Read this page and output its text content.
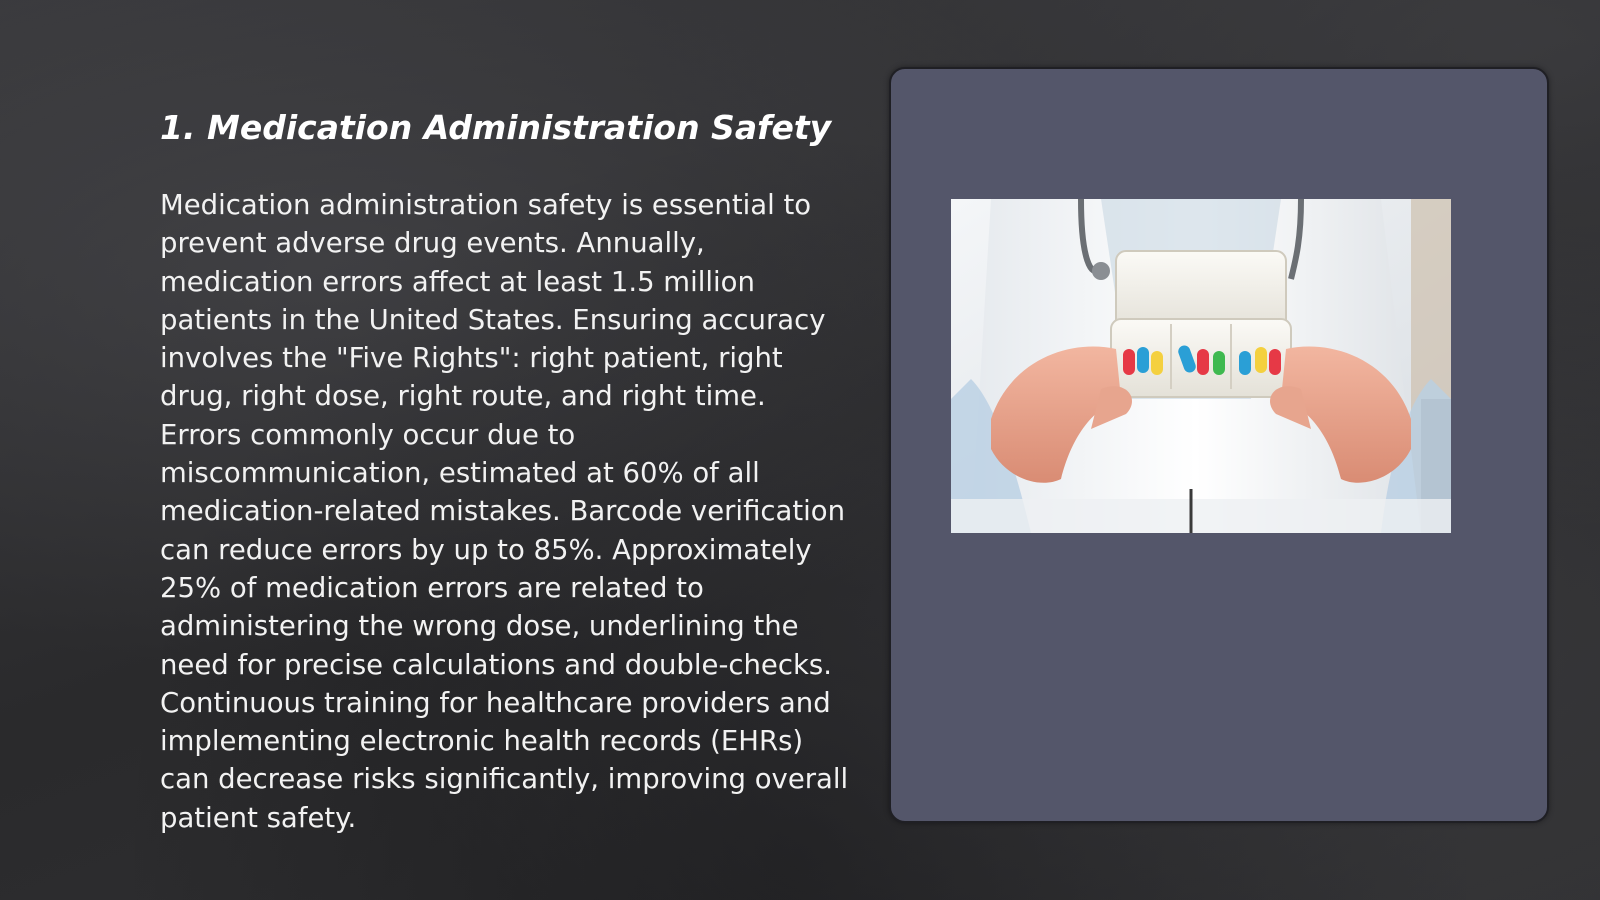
1. Medication Administration Safety

Medication administration safety is essential to prevent adverse drug events. Annually, medication errors affect at least 1.5 million patients in the United States. Ensuring accuracy involves the "Five Rights": right patient, right drug, right dose, right route, and right time. Errors commonly occur due to miscommunication, estimated at 60% of all medication-related mistakes. Barcode verification can reduce errors by up to 85%. Approximately 25% of medication errors are related to administering the wrong dose, underlining the need for precise calculations and double-checks. Continuous training for healthcare providers and implementing electronic health records (EHRs) can decrease risks significantly, improving overall patient safety.
